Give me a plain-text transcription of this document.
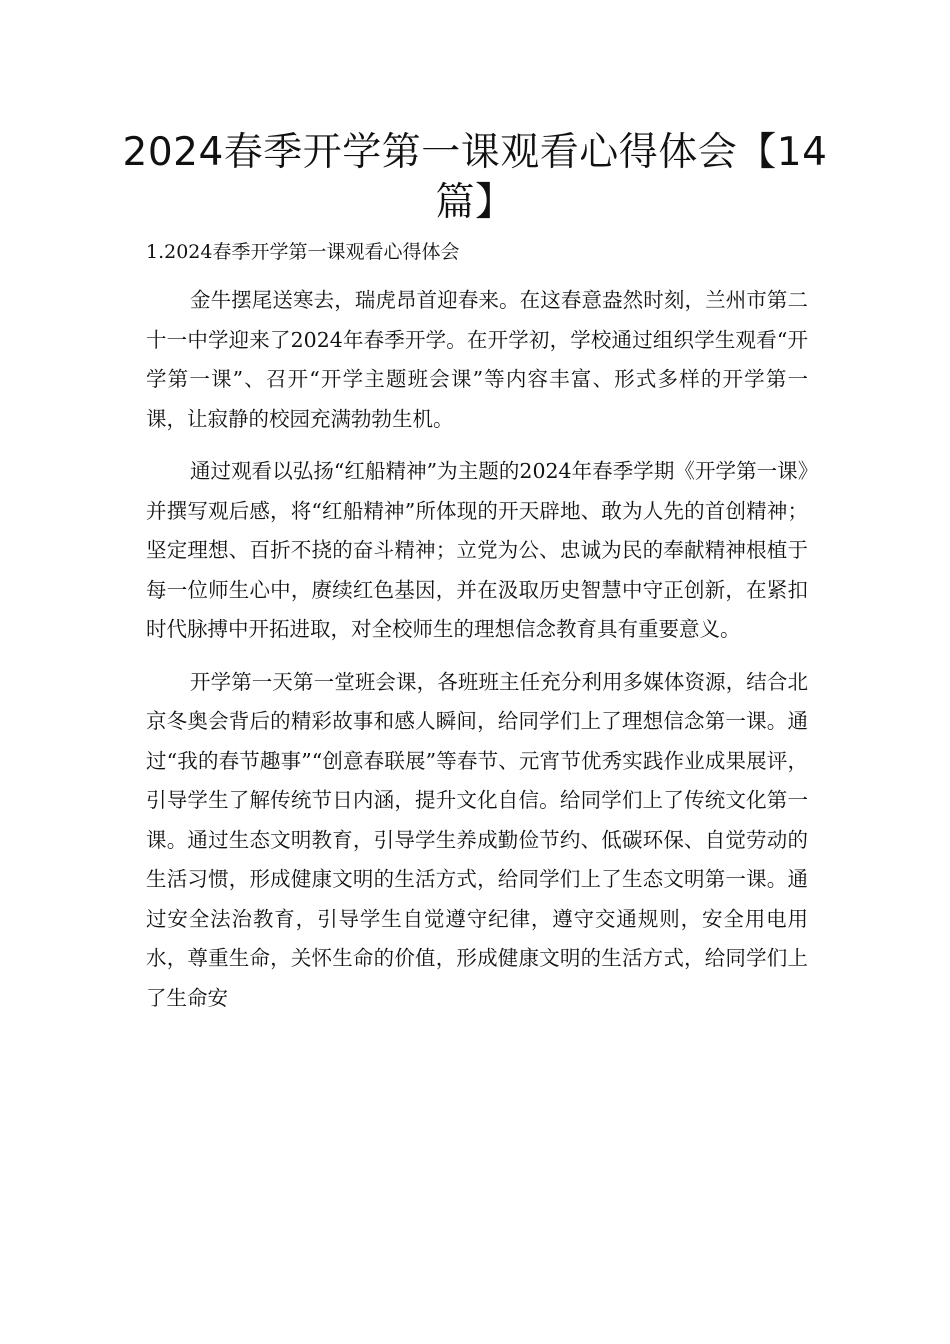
2024春季开学第一课观看心得体会【14篇】
1.2024春季开学第一课观看心得体会

金牛摆尾送寒去，瑞虎昂首迎春来。在这春意盎然时刻，兰州市第二十一中学迎来了2024年春季开学。在开学初，学校通过组织学生观看“开学第一课”、召开“开学主题班会课”等内容丰富、形式多样的开学第一课，让寂静的校园充满勃勃生机。

通过观看以弘扬“红船精神”为主题的2024年春季学期《开学第一课》并撰写观后感，将“红船精神”所体现的开天辟地、敢为人先的首创精神；坚定理想、百折不挠的奋斗精神；立党为公、忠诚为民的奉献精神根植于每一位师生心中，赓续红色基因，并在汲取历史智慧中守正创新，在紧扣时代脉搏中开拓进取，对全校师生的理想信念教育具有重要意义。

开学第一天第一堂班会课，各班班主任充分利用多媒体资源，结合北京冬奥会背后的精彩故事和感人瞬间，给同学们上了理想信念第一课。通过“我的春节趣事”“创意春联展”等春节、元宵节优秀实践作业成果展评，引导学生了解传统节日内涵，提升文化自信。给同学们上了传统文化第一课。通过生态文明教育，引导学生养成勤俭节约、低碳环保、自觉劳动的生活习惯，形成健康文明的生活方式，给同学们上了生态文明第一课。通过安全法治教育，引导学生自觉遵守纪律，遵守交通规则，安全用电用水，尊重生命，关怀生命的价值，形成健康文明的生活方式，给同学们上了生命安
